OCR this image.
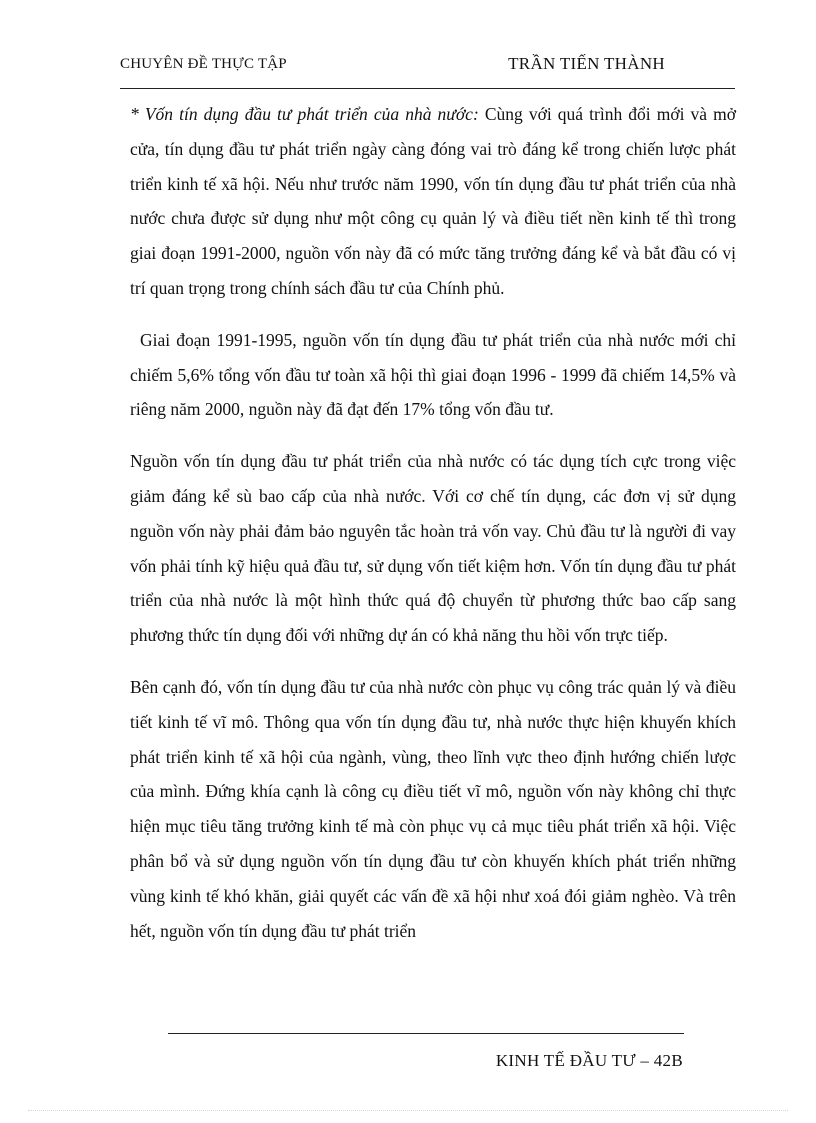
CHUYÊN ĐỀ THỰC TẬP	TRẦN TIẾN THÀNH

* Vốn tín dụng đầu tư phát triển của nhà nước: Cùng với quá trình đổi mới và mở cửa, tín dụng đầu tư phát triển ngày càng đóng vai trò đáng kể trong chiến lược phát triển kinh tế xã hội. Nếu như trước năm 1990, vốn tín dụng đầu tư phát triển của nhà nước chưa được sử dụng như một công cụ quản lý và điều tiết nền kinh tế thì trong giai đoạn 1991-2000, nguồn vốn này đã có mức tăng trưởng đáng kể và bắt đầu có vị trí quan trọng trong chính sách đầu tư của Chính phủ.

Giai đoạn 1991-1995, nguồn vốn tín dụng đầu tư phát triển của nhà nước mới chỉ chiếm 5,6% tổng vốn đầu tư toàn xã hội thì giai đoạn 1996 - 1999 đã chiếm 14,5% và riêng năm 2000, nguồn này đã đạt đến 17% tổng vốn đầu tư.

Nguồn vốn tín dụng đầu tư phát triển của nhà nước có tác dụng tích cực trong việc giảm đáng kể sù bao cấp của nhà nước. Với cơ chế tín dụng, các đơn vị sử dụng nguồn vốn này phải đảm bảo nguyên tắc hoàn trả vốn vay. Chủ đầu tư là người đi vay vốn phải tính kỹ hiệu quả đầu tư, sử dụng vốn tiết kiệm hơn. Vốn tín dụng đầu tư phát triển của nhà nước là một hình thức quá độ chuyển từ phương thức bao cấp sang phương thức tín dụng đối với những dự án có khả năng thu hồi vốn trực tiếp.

Bên cạnh đó, vốn tín dụng đầu tư của nhà nước còn phục vụ công trác quản lý và điều tiết kinh tế vĩ mô. Thông qua vốn tín dụng đầu tư, nhà nước thực hiện khuyến khích phát triển kinh tế xã hội của ngành, vùng, theo lĩnh vực theo định hướng chiến lược của mình. Đứng khía cạnh là công cụ điều tiết vĩ mô, nguồn vốn này không chỉ thực hiện mục tiêu tăng trưởng kinh tế mà còn phục vụ cả mục tiêu phát triển xã hội. Việc phân bổ và sử dụng nguồn vốn tín dụng đầu tư còn khuyến khích phát triển những vùng kinh tế khó khăn, giải quyết các vấn đề xã hội như xoá đói giảm nghèo. Và trên hết, nguồn vốn tín dụng đầu tư phát triển

KINH TẾ ĐẦU TƯ – 42B
